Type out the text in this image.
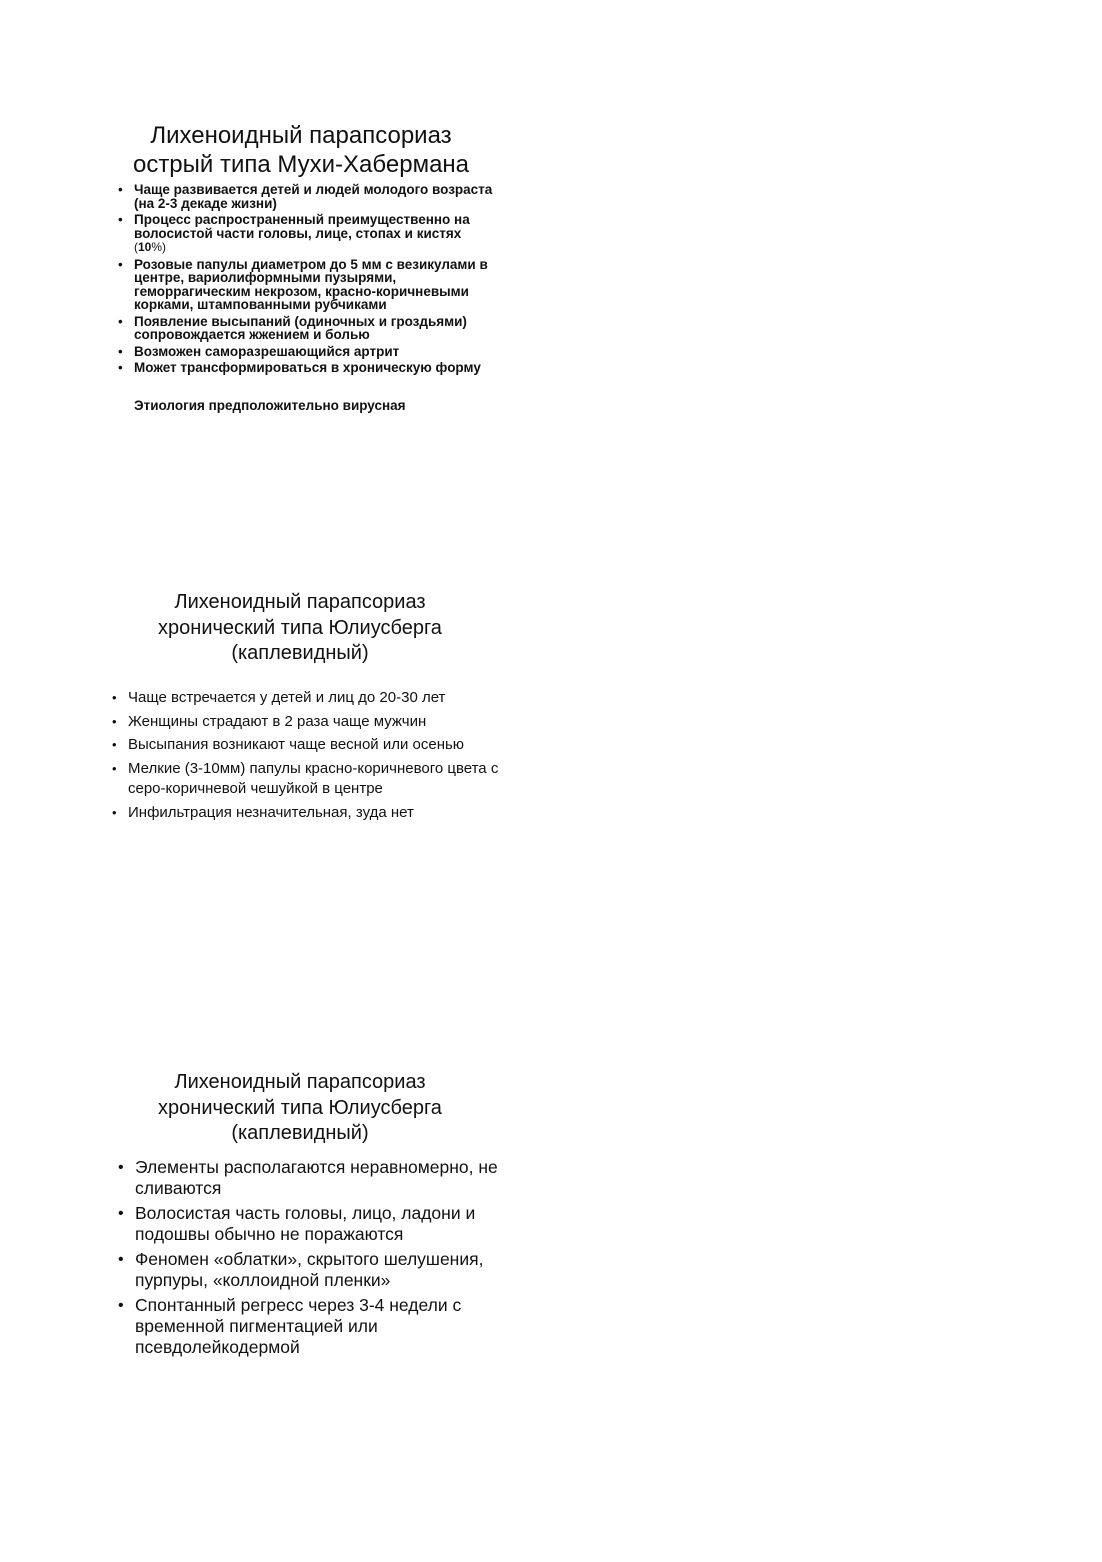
Лихеноидный парапсориаз
острый типа Мухи-Хабермана
• Чаще развивается детей и людей молодого возраста (на 2-3 декаде жизни)
• Процесс распространенный преимущественно на волосистой части головы, лице, стопах и кистях
(10%)
• Розовые папулы диаметром до 5 мм с везикулами в центре, вариолиформными пузырями, геморрагическим некрозом, красно-коричневыми корками, штампованными рубчиками
• Появление высыпаний (одиночных и гроздьями) сопровождается жжением и болью
• Возможен саморазрешающийся артрит
• Может трансформироваться в хроническую форму
Этиология предположительно вирусная
Лихеноидный парапсориаз
хронический типа Юлиусберга
(каплевидный)
• Чаще встречается у детей и лиц до 20-30 лет
• Женщины страдают в 2 раза чаще мужчин
• Высыпания возникают чаще весной или осенью
• Мелкие (3-10мм) папулы красно-коричневого цвета с серо-коричневой чешуйкой в центре
• Инфильтрация незначительная, зуда нет
Лихеноидный парапсориаз
хронический типа Юлиусберга
(каплевидный)
• Элементы располагаются неравномерно, не сливаются
• Волосистая часть головы, лицо, ладони и подошвы обычно не поражаются
• Феномен «облатки», скрытого шелушения, пурпуры, «коллоидной пленки»
• Спонтанный регресс через 3-4 недели с временной пигментацией или псевдолейкодермой
